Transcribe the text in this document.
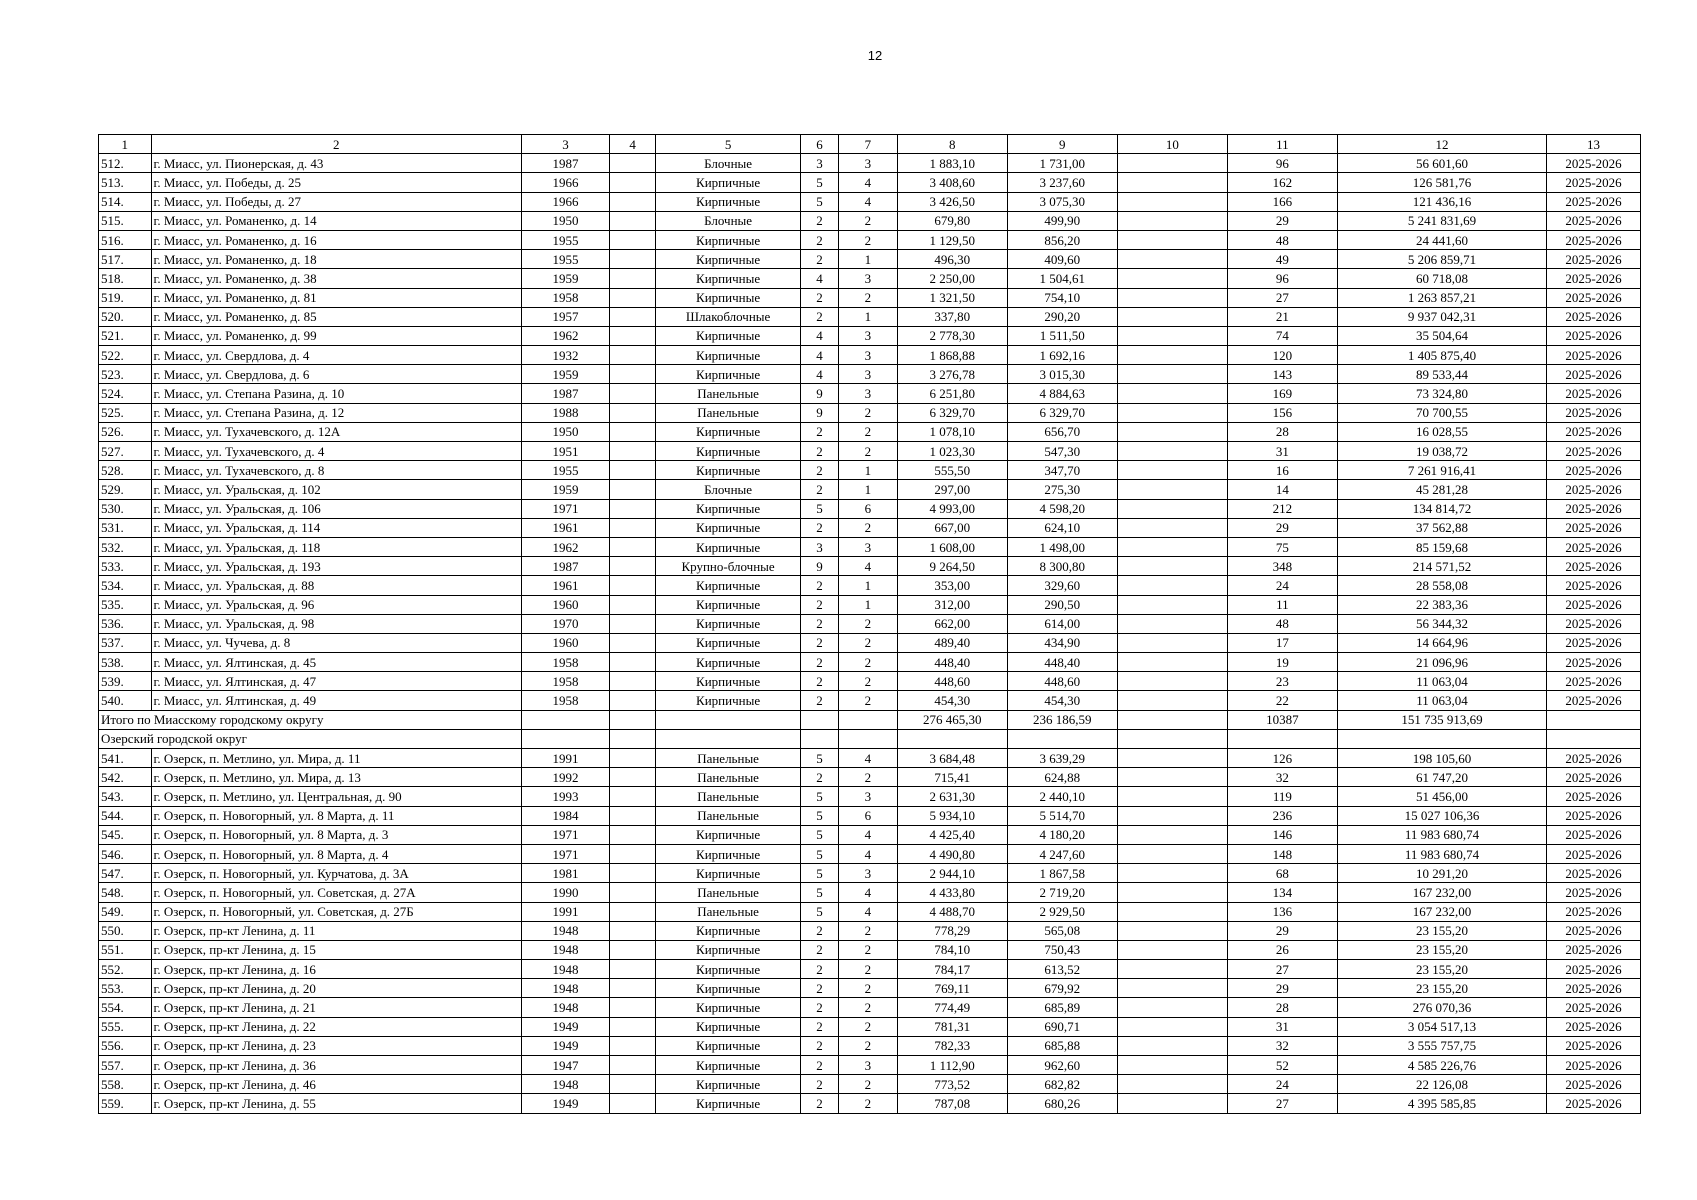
12
1	2	3	4	5	6	7	8	9	10	11	12	13
512.	г. Миасс, ул. Пионерская, д. 43	1987		Блочные	3	3	1 883,10	1 731,00		96	56 601,60	2025-2026
513.	г. Миасс, ул. Победы, д. 25	1966		Кирпичные	5	4	3 408,60	3 237,60		162	126 581,76	2025-2026
514.	г. Миасс, ул. Победы, д. 27	1966		Кирпичные	5	4	3 426,50	3 075,30		166	121 436,16	2025-2026
515.	г. Миасс, ул. Романенко, д. 14	1950		Блочные	2	2	679,80	499,90		29	5 241 831,69	2025-2026
516.	г. Миасс, ул. Романенко, д. 16	1955		Кирпичные	2	2	1 129,50	856,20		48	24 441,60	2025-2026
517.	г. Миасс, ул. Романенко, д. 18	1955		Кирпичные	2	1	496,30	409,60		49	5 206 859,71	2025-2026
518.	г. Миасс, ул. Романенко, д. 38	1959		Кирпичные	4	3	2 250,00	1 504,61		96	60 718,08	2025-2026
519.	г. Миасс, ул. Романенко, д. 81	1958		Кирпичные	2	2	1 321,50	754,10		27	1 263 857,21	2025-2026
520.	г. Миасс, ул. Романенко, д. 85	1957		Шлакоблочные	2	1	337,80	290,20		21	9 937 042,31	2025-2026
521.	г. Миасс, ул. Романенко, д. 99	1962		Кирпичные	4	3	2 778,30	1 511,50		74	35 504,64	2025-2026
522.	г. Миасс, ул. Свердлова, д. 4	1932		Кирпичные	4	3	1 868,88	1 692,16		120	1 405 875,40	2025-2026
523.	г. Миасс, ул. Свердлова, д. 6	1959		Кирпичные	4	3	3 276,78	3 015,30		143	89 533,44	2025-2026
524.	г. Миасс, ул. Степана Разина, д. 10	1987		Панельные	9	3	6 251,80	4 884,63		169	73 324,80	2025-2026
525.	г. Миасс, ул. Степана Разина, д. 12	1988		Панельные	9	2	6 329,70	6 329,70		156	70 700,55	2025-2026
526.	г. Миасс, ул. Тухачевского, д. 12А	1950		Кирпичные	2	2	1 078,10	656,70		28	16 028,55	2025-2026
527.	г. Миасс, ул. Тухачевского, д. 4	1951		Кирпичные	2	2	1 023,30	547,30		31	19 038,72	2025-2026
528.	г. Миасс, ул. Тухачевского, д. 8	1955		Кирпичные	2	1	555,50	347,70		16	7 261 916,41	2025-2026
529.	г. Миасс, ул. Уральская, д. 102	1959		Блочные	2	1	297,00	275,30		14	45 281,28	2025-2026
530.	г. Миасс, ул. Уральская, д. 106	1971		Кирпичные	5	6	4 993,00	4 598,20		212	134 814,72	2025-2026
531.	г. Миасс, ул. Уральская, д. 114	1961		Кирпичные	2	2	667,00	624,10		29	37 562,88	2025-2026
532.	г. Миасс, ул. Уральская, д. 118	1962		Кирпичные	3	3	1 608,00	1 498,00		75	85 159,68	2025-2026
533.	г. Миасс, ул. Уральская, д. 193	1987		Крупно-блочные	9	4	9 264,50	8 300,80		348	214 571,52	2025-2026
534.	г. Миасс, ул. Уральская, д. 88	1961		Кирпичные	2	1	353,00	329,60		24	28 558,08	2025-2026
535.	г. Миасс, ул. Уральская, д. 96	1960		Кирпичные	2	1	312,00	290,50		11	22 383,36	2025-2026
536.	г. Миасс, ул. Уральская, д. 98	1970		Кирпичные	2	2	662,00	614,00		48	56 344,32	2025-2026
537.	г. Миасс, ул. Чучева, д. 8	1960		Кирпичные	2	2	489,40	434,90		17	14 664,96	2025-2026
538.	г. Миасс, ул. Ялтинская, д. 45	1958		Кирпичные	2	2	448,40	448,40		19	21 096,96	2025-2026
539.	г. Миасс, ул. Ялтинская, д. 47	1958		Кирпичные	2	2	448,60	448,60		23	11 063,04	2025-2026
540.	г. Миасс, ул. Ялтинская, д. 49	1958		Кирпичные	2	2	454,30	454,30		22	11 063,04	2025-2026
Итого по Миасскому городскому округу							276 465,30	236 186,59		10387	151 735 913,69	
Озерский городской округ												
541.	г. Озерск, п. Метлино, ул. Мира, д. 11	1991		Панельные	5	4	3 684,48	3 639,29		126	198 105,60	2025-2026
542.	г. Озерск, п. Метлино, ул. Мира, д. 13	1992		Панельные	2	2	715,41	624,88		32	61 747,20	2025-2026
543.	г. Озерск, п. Метлино, ул. Центральная, д. 90	1993		Панельные	5	3	2 631,30	2 440,10		119	51 456,00	2025-2026
544.	г. Озерск, п. Новогорный, ул. 8 Марта, д. 11	1984		Панельные	5	6	5 934,10	5 514,70		236	15 027 106,36	2025-2026
545.	г. Озерск, п. Новогорный, ул. 8 Марта, д. 3	1971		Кирпичные	5	4	4 425,40	4 180,20		146	11 983 680,74	2025-2026
546.	г. Озерск, п. Новогорный, ул. 8 Марта, д. 4	1971		Кирпичные	5	4	4 490,80	4 247,60		148	11 983 680,74	2025-2026
547.	г. Озерск, п. Новогорный, ул. Курчатова, д. 3А	1981		Кирпичные	5	3	2 944,10	1 867,58		68	10 291,20	2025-2026
548.	г. Озерск, п. Новогорный, ул. Советская, д. 27А	1990		Панельные	5	4	4 433,80	2 719,20		134	167 232,00	2025-2026
549.	г. Озерск, п. Новогорный, ул. Советская, д. 27Б	1991		Панельные	5	4	4 488,70	2 929,50		136	167 232,00	2025-2026
550.	г. Озерск, пр-кт Ленина, д. 11	1948		Кирпичные	2	2	778,29	565,08		29	23 155,20	2025-2026
551.	г. Озерск, пр-кт Ленина, д. 15	1948		Кирпичные	2	2	784,10	750,43		26	23 155,20	2025-2026
552.	г. Озерск, пр-кт Ленина, д. 16	1948		Кирпичные	2	2	784,17	613,52		27	23 155,20	2025-2026
553.	г. Озерск, пр-кт Ленина, д. 20	1948		Кирпичные	2	2	769,11	679,92		29	23 155,20	2025-2026
554.	г. Озерск, пр-кт Ленина, д. 21	1948		Кирпичные	2	2	774,49	685,89		28	276 070,36	2025-2026
555.	г. Озерск, пр-кт Ленина, д. 22	1949		Кирпичные	2	2	781,31	690,71		31	3 054 517,13	2025-2026
556.	г. Озерск, пр-кт Ленина, д. 23	1949		Кирпичные	2	2	782,33	685,88		32	3 555 757,75	2025-2026
557.	г. Озерск, пр-кт Ленина, д. 36	1947		Кирпичные	2	3	1 112,90	962,60		52	4 585 226,76	2025-2026
558.	г. Озерск, пр-кт Ленина, д. 46	1948		Кирпичные	2	2	773,52	682,82		24	22 126,08	2025-2026
559.	г. Озерск, пр-кт Ленина, д. 55	1949		Кирпичные	2	2	787,08	680,26		27	4 395 585,85	2025-2026
